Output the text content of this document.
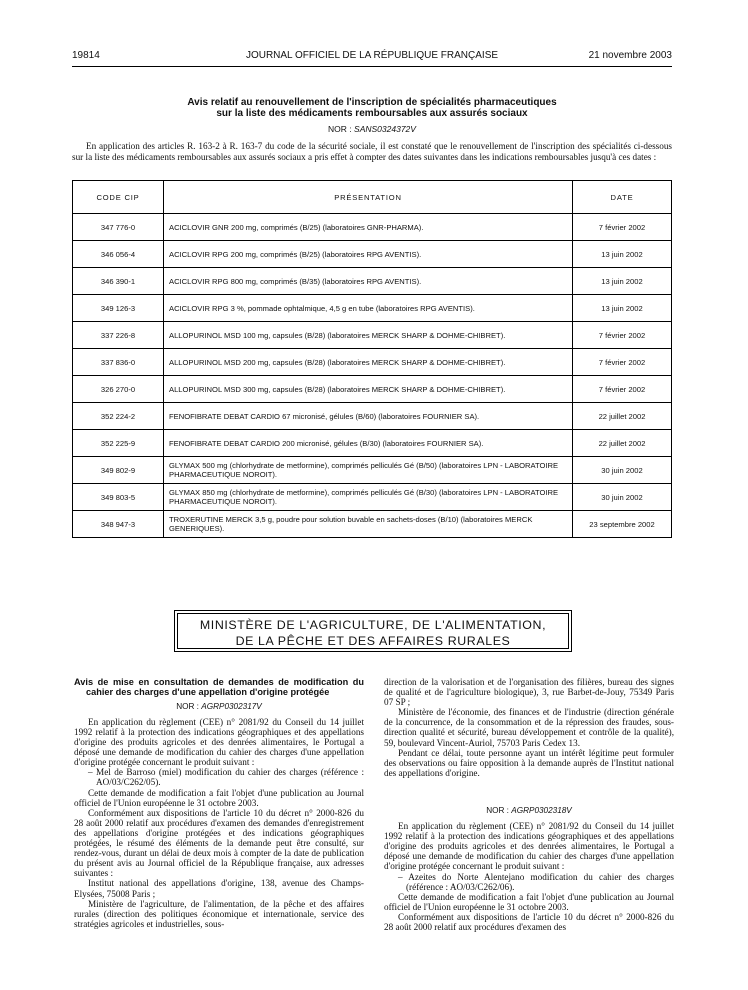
19814	JOURNAL OFFICIEL DE LA RÉPUBLIQUE FRANÇAISE	21 novembre 2003
Avis relatif au renouvellement de l'inscription de spécialités pharmaceutiques
sur la liste des médicaments remboursables aux assurés sociaux
NOR : SANS0324372V
En application des articles R. 163-2 à R. 163-7 du code de la sécurité sociale, il est constaté que le renouvellement de l'inscription des spécialités ci-dessous sur la liste des médicaments remboursables aux assurés sociaux a pris effet à compter des dates suivantes dans les indications remboursables jusqu'à ces dates :
CODE CIP	PRÉSENTATION	DATE
347 776-0	ACICLOVIR GNR 200 mg, comprimés (B/25) (laboratoires GNR-PHARMA).	7 février 2002
346 056-4	ACICLOVIR RPG 200 mg, comprimés (B/25) (laboratoires RPG AVENTIS).	13 juin 2002
346 390-1	ACICLOVIR RPG 800 mg, comprimés (B/35) (laboratoires RPG AVENTIS).	13 juin 2002
349 126-3	ACICLOVIR RPG 3 %, pommade ophtalmique, 4,5 g en tube (laboratoires RPG AVENTIS).	13 juin 2002
337 226-8	ALLOPURINOL MSD 100 mg, capsules (B/28) (laboratoires MERCK SHARP & DOHME-CHIBRET).	7 février 2002
337 836-0	ALLOPURINOL MSD 200 mg, capsules (B/28) (laboratoires MERCK SHARP & DOHME-CHIBRET).	7 février 2002
326 270-0	ALLOPURINOL MSD 300 mg, capsules (B/28) (laboratoires MERCK SHARP & DOHME-CHIBRET).	7 février 2002
352 224-2	FENOFIBRATE DEBAT CARDIO 67 micronisé, gélules (B/60) (laboratoires FOURNIER SA).	22 juillet 2002
352 225-9	FENOFIBRATE DEBAT CARDIO 200 micronisé, gélules (B/30) (laboratoires FOURNIER SA).	22 juillet 2002
349 802-9	GLYMAX 500 mg (chlorhydrate de metformine), comprimés pelliculés Gé (B/50) (laboratoires LPN - LABORATOIRE PHARMACEUTIQUE NOROIT).	30 juin 2002
349 803-5	GLYMAX 850 mg (chlorhydrate de metformine), comprimés pelliculés Gé (B/30) (laboratoires LPN - LABORATOIRE PHARMACEUTIQUE NOROIT).	30 juin 2002
348 947-3	TROXERUTINE MERCK 3,5 g, poudre pour solution buvable en sachets-doses (B/10) (laboratoires MERCK GENERIQUES).	23 septembre 2002
MINISTÈRE DE L'AGRICULTURE, DE L'ALIMENTATION,
DE LA PÊCHE ET DES AFFAIRES RURALES

Avis de mise en consultation de demandes de modification du cahier des charges d'une appellation d'origine protégée

NOR : AGRP0302317V

En application du règlement (CEE) n° 2081/92 du Conseil du 14 juillet 1992 relatif à la protection des indications géographiques et des appellations d'origine des produits agricoles et des denrées alimentaires, le Portugal a déposé une demande de modification du cahier des charges d'une appellation d'origine protégée concernant le produit suivant :

– Mel de Barroso (miel) modification du cahier des charges (référence : AO/03/C262/05).

Cette demande de modification a fait l'objet d'une publication au Journal officiel de l'Union européenne le 31 octobre 2003.

Conformément aux dispositions de l'article 10 du décret n° 2000-826 du 28 août 2000 relatif aux procédures d'examen des demandes d'enregistrement des appellations d'origine protégées et des indications géographiques protégées, le résumé des éléments de la demande peut être consulté, sur rendez-vous, durant un délai de deux mois à compter de la date de publication du présent avis au Journal officiel de la République française, aux adresses suivantes :

Institut national des appellations d'origine, 138, avenue des Champs-Elysées, 75008 Paris ;

Ministère de l'agriculture, de l'alimentation, de la pêche et des affaires rurales (direction des politiques économique et internationale, service des stratégies agricoles et industrielles, sous-

direction de la valorisation et de l'organisation des filières, bureau des signes de qualité et de l'agriculture biologique), 3, rue Barbet-de-Jouy, 75349 Paris 07 SP ;

Ministère de l'économie, des finances et de l'industrie (direction générale de la concurrence, de la consommation et de la répression des fraudes, sous-direction qualité et sécurité, bureau développement et contrôle de la qualité), 59, boulevard Vincent-Auriol, 75703 Paris Cedex 13.

Pendant ce délai, toute personne ayant un intérêt légitime peut formuler des observations ou faire opposition à la demande auprès de l'Institut national des appellations d'origine.

NOR : AGRP0302318V

En application du règlement (CEE) n° 2081/92 du Conseil du 14 juillet 1992 relatif à la protection des indications géographiques et des appellations d'origine des produits agricoles et des denrées alimentaires, le Portugal a déposé une demande de modification du cahier des charges d'une appellation d'origine protégée concernant le produit suivant :

– Azeites do Norte Alentejano modification du cahier des charges (référence : AO/03/C262/06).

Cette demande de modification a fait l'objet d'une publication au Journal officiel de l'Union européenne le 31 octobre 2003.

Conformément aux dispositions de l'article 10 du décret n° 2000-826 du 28 août 2000 relatif aux procédures d'examen des
